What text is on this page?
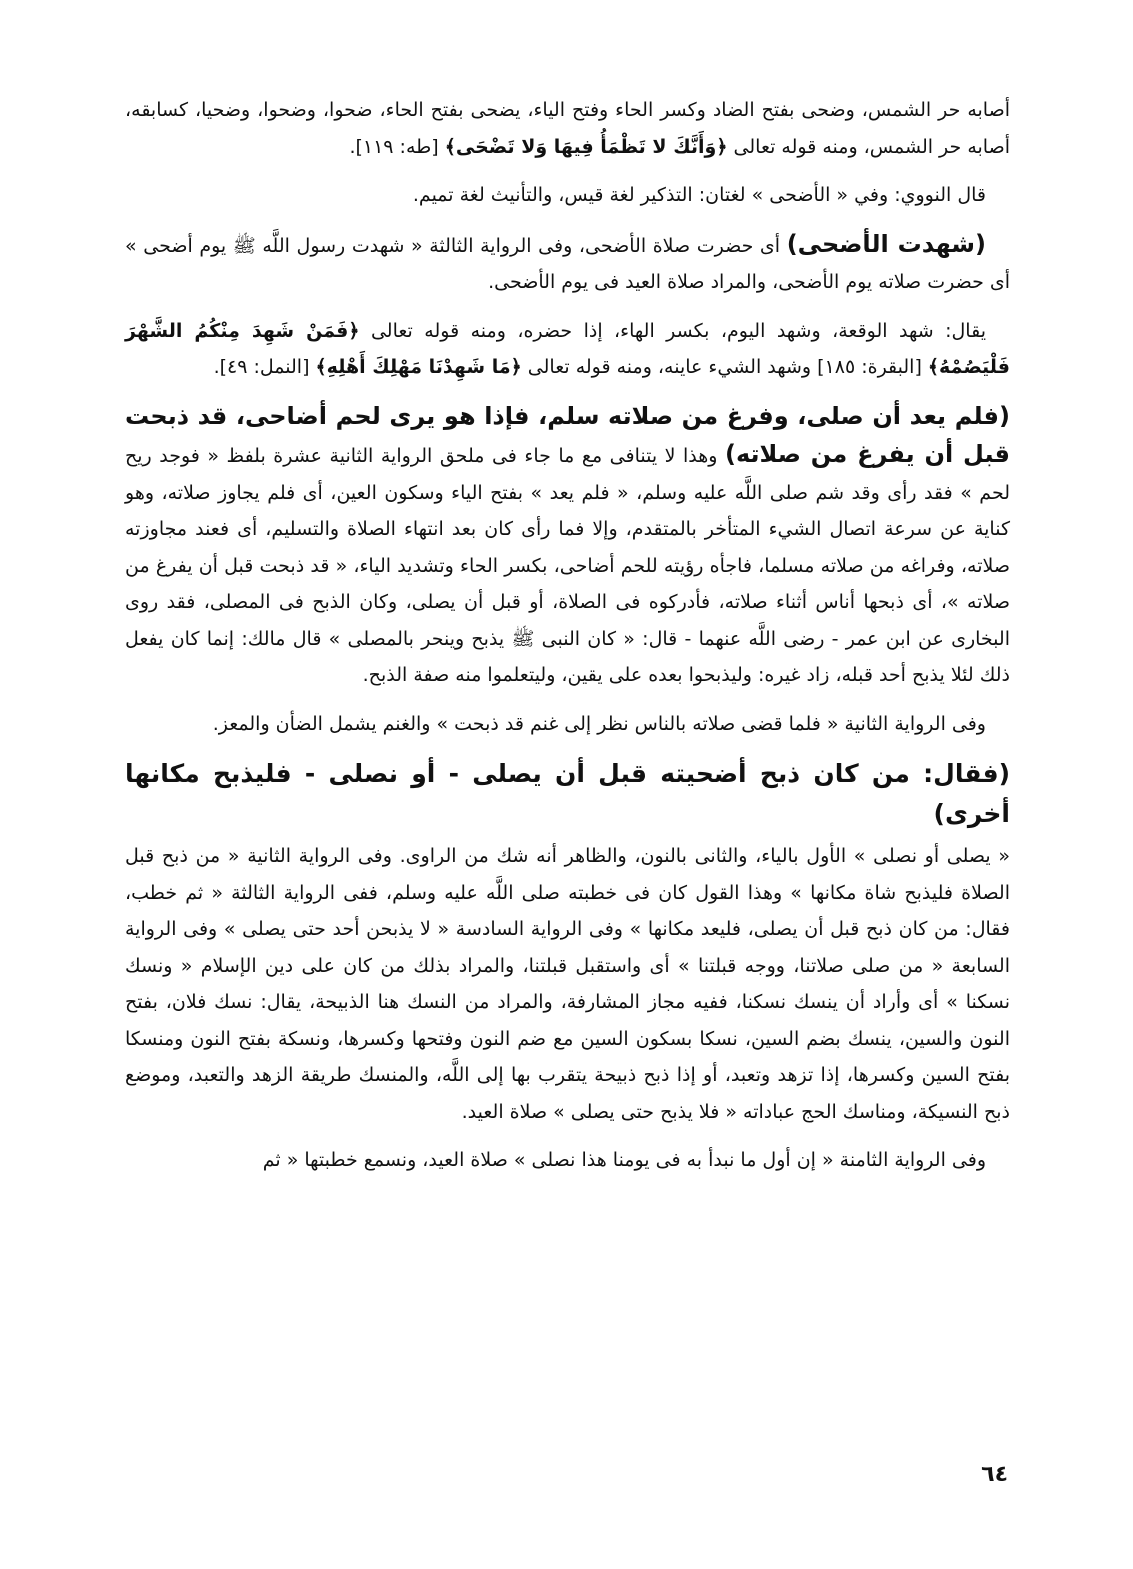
أصابه حر الشمس، وضحى بفتح الضاد وكسر الحاء وفتح الياء، يضحى بفتح الحاء، ضحوا، وضحوا، وضحيا، كسابقه، أصابه حر الشمس، ومنه قوله تعالى ﴿وَأَنَّكَ لا تَظْمَأُ فِيهَا وَلا تَضْحَى﴾ [طه: ١١٩].

قال النووي: وفي « الأضحى » لغتان: التذكير لغة قيس، والتأنيث لغة تميم.

(شهدت الأضحى) أى حضرت صلاة الأضحى، وفى الرواية الثالثة « شهدت رسول اللَّه ﷺ يوم أضحى » أى حضرت صلاته يوم الأضحى، والمراد صلاة العيد فى يوم الأضحى.

يقال: شهد الوقعة، وشهد اليوم، بكسر الهاء، إذا حضره، ومنه قوله تعالى ﴿فَمَنْ شَهِدَ مِنْكُمُ الشَّهْرَ فَلْيَصُمْهُ﴾ [البقرة: ١٨٥] وشهد الشيء عاينه، ومنه قوله تعالى ﴿مَا شَهِدْنَا مَهْلِكَ أَهْلِهِ﴾ [النمل: ٤٩].

(فلم يعد أن صلى، وفرغ من صلاته سلم، فإذا هو يرى لحم أضاحى، قد ذبحت قبل أن يفرغ من صلاته) وهذا لا يتنافى مع ما جاء فى ملحق الرواية الثانية عشرة بلفظ « فوجد ريح لحم » فقد رأى وقد شم صلى اللَّه عليه وسلم، « فلم يعد » بفتح الياء وسكون العين، أى فلم يجاوز صلاته، وهو كناية عن سرعة اتصال الشيء المتأخر بالمتقدم، وإلا فما رأى كان بعد انتهاء الصلاة والتسليم، أى فعند مجاوزته صلاته، وفراغه من صلاته مسلما، فاجأه رؤيته للحم أضاحى، بكسر الحاء وتشديد الياء، « قد ذبحت قبل أن يفرغ من صلاته »، أى ذبحها أناس أثناء صلاته، فأدركوه فى الصلاة، أو قبل أن يصلى، وكان الذبح فى المصلى، فقد روى البخارى عن ابن عمر - رضى اللَّه عنهما - قال: « كان النبى ﷺ يذبح وينحر بالمصلى » قال مالك: إنما كان يفعل ذلك لئلا يذبح أحد قبله، زاد غيره: وليذبحوا بعده على يقين، وليتعلموا منه صفة الذبح.

وفى الرواية الثانية « فلما قضى صلاته بالناس نظر إلى غنم قد ذبحت » والغنم يشمل الضأن والمعز.

(فقال: من كان ذبح أضحيته قبل أن يصلى - أو نصلى - فليذبح مكانها أخرى)

« يصلى أو نصلى » الأول بالياء، والثانى بالنون، والظاهر أنه شك من الراوى. وفى الرواية الثانية « من ذبح قبل الصلاة فليذبح شاة مكانها » وهذا القول كان فى خطبته صلى اللَّه عليه وسلم، ففى الرواية الثالثة « ثم خطب، فقال: من كان ذبح قبل أن يصلى، فليعد مكانها » وفى الرواية السادسة « لا يذبحن أحد حتى يصلى » وفى الرواية السابعة « من صلى صلاتنا، ووجه قبلتنا » أى واستقبل قبلتنا، والمراد بذلك من كان على دين الإسلام « ونسك نسكنا » أى وأراد أن ينسك نسكنا، ففيه مجاز المشارفة، والمراد من النسك هنا الذبيحة، يقال: نسك فلان، بفتح النون والسين، ينسك بضم السين، نسكا بسكون السين مع ضم النون وفتحها وكسرها، ونسكة بفتح النون ومنسكا بفتح السين وكسرها، إذا تزهد وتعبد، أو إذا ذبح ذبيحة يتقرب بها إلى اللَّه، والمنسك طريقة الزهد والتعبد، وموضع ذبح النسيكة، ومناسك الحج عباداته « فلا يذبح حتى يصلى » صلاة العيد.

وفى الرواية الثامنة « إن أول ما نبدأ به فى يومنا هذا نصلى » صلاة العيد، ونسمع خطبتها « ثم

٦٤
